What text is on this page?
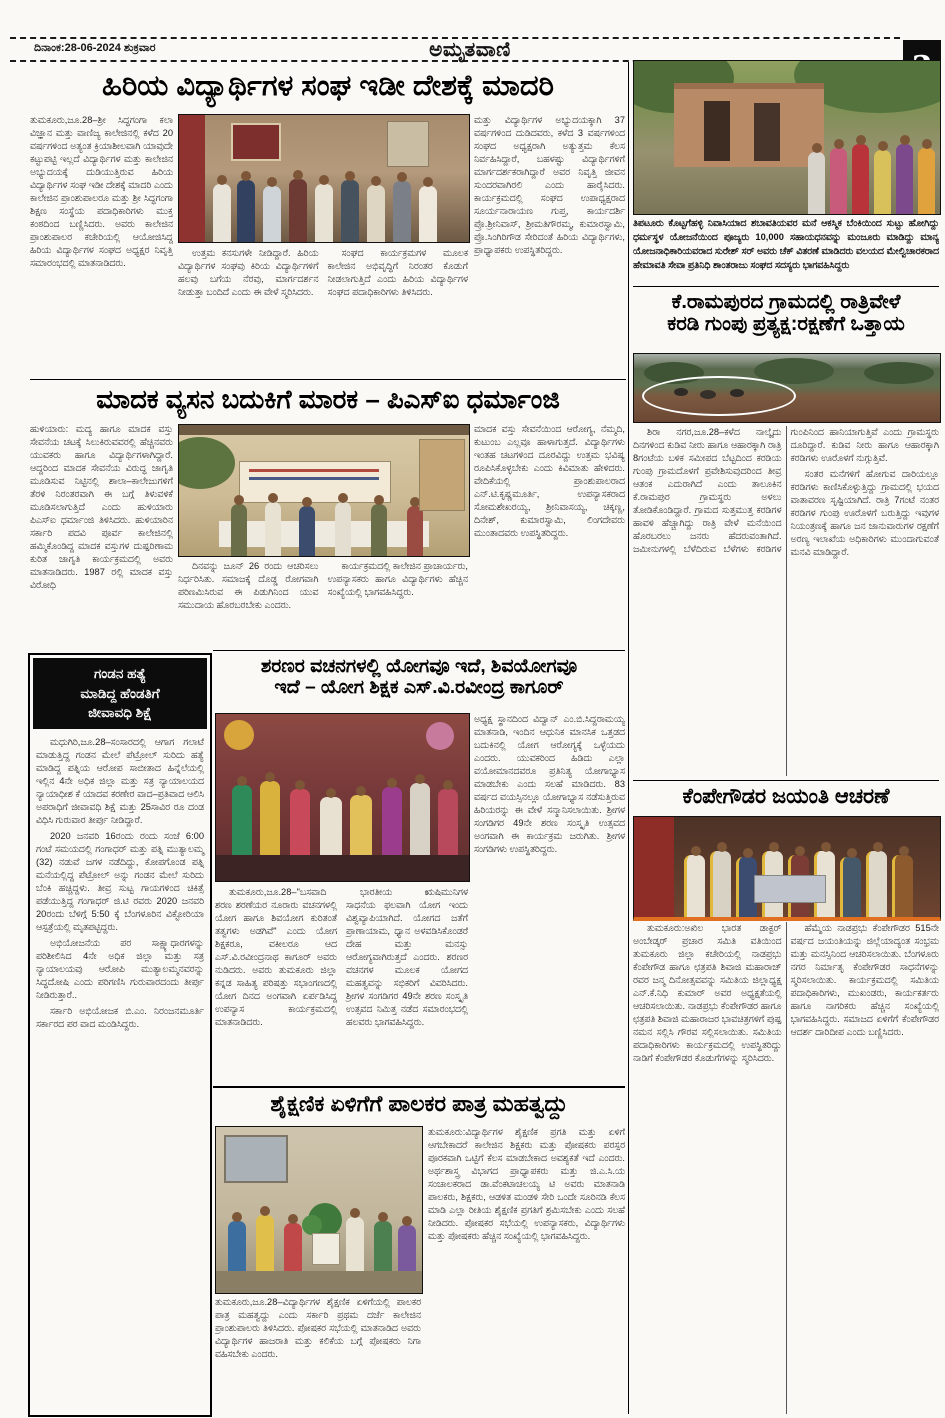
ದಿನಾಂಕ:28-06-2024 ಶುಕ್ರವಾರ	ಅಮೃತವಾಣಿ
ಹಿರಿಯ ವಿದ್ಯಾರ್ಥಿಗಳ ಸಂಘ ಇಡೀ ದೇಶಕ್ಕೆ ಮಾದರಿ
ತುಮಕೂರು,ಜೂ.28–ಶ್ರೀ ಸಿದ್ಧಗಂಗಾ ಕಲಾ ವಿಜ್ಞಾನ ಮತ್ತು ವಾಣಿಜ್ಯ ಕಾಲೇಜಿನಲ್ಲಿ ಕಳೆದ 20 ವರ್ಷಗಳಿಂದ ಅತ್ಯಂತ ಕ್ರಿಯಾಶೀಲವಾಗಿ ಯಾವುದೇ ಕಟ್ಟುಪಟ್ಟಿ ಇಲ್ಲದೆ ವಿದ್ಯಾರ್ಥಿಗಳ ಮತ್ತು ಕಾಲೇಜಿನ ಅಭ್ಯುದಯಕ್ಕೆ ದುಡಿಯುತ್ತಿರುವ ಹಿರಿಯ ವಿದ್ಯಾರ್ಥಿಗಳ ಸಂಘ ಇಡೀ ದೇಶಕ್ಕೆ ಮಾದರಿ ಎಂದು ಕಾಲೇಜಿನ ಪ್ರಾಂಶುಪಾಲರೂ ಮತ್ತು ಶ್ರೀ ಸಿದ್ಧಗಂಗಾ ಶಿಕ್ಷಣ ಸಂಸ್ಥೆಯ ಪದಾಧಿಕಾರಿಗಳು ಮುಕ್ತ ಕಂಠದಿಂದ ಬಣ್ಣಿಸಿದರು. ಅವರು ಕಾಲೇಜಿನ ಪ್ರಾಂಶುಪಾಲರ ಕಚೇರಿಯಲ್ಲಿ ಆಯೋಜಿಸಿದ್ದ ಹಿರಿಯ ವಿದ್ಯಾರ್ಥಿಗಳ ಸಂಘದ ಅಧ್ಯಕ್ಷರ ನಿವೃತ್ತಿ ಸಮಾರಂಭದಲ್ಲಿ ಮಾತನಾಡಿದರು.

ಉತ್ತಮ ಕನಸುಗಳೇ ನೀಡಿದ್ದಾರೆ. ಹಿರಿಯ ವಿದ್ಯಾರ್ಥಿಗಳ ಸಂಘವು ಕಿರಿಯ ವಿದ್ಯಾರ್ಥಿಗಳಿಗೆ ಹಲವು ಬಗೆಯ ನೆರವು, ಮಾರ್ಗದರ್ಶನ ನೀಡುತ್ತಾ ಬಂದಿದೆ ಎಂದು ಈ ವೇಳೆ ಸ್ಮರಿಸಿದರು.

ಸಂಘದ ಕಾರ್ಯಕ್ರಮಗಳ ಮೂಲಕ ಕಾಲೇಜಿನ ಅಭಿವೃದ್ಧಿಗೆ ನಿರಂತರ ಕೊಡುಗೆ ನೀಡಲಾಗುತ್ತಿದೆ ಎಂದು ಹಿರಿಯ ವಿದ್ಯಾರ್ಥಿಗಳ ಸಂಘದ ಪದಾಧಿಕಾರಿಗಳು ತಿಳಿಸಿದರು.

ಮತ್ತು ವಿದ್ಯಾರ್ಥಿಗಳ ಅಭ್ಯುದಯಕ್ಕಾಗಿ 37 ವರ್ಷಗಳಿಂದ ದುಡಿದವರು, ಕಳೆದ 3 ವರ್ಷಗಳಿಂದ ಸಂಘದ ಅಧ್ಯಕ್ಷರಾಗಿ ಅತ್ಯುತ್ತಮ ಕೆಲಸ ನಿರ್ವಹಿಸಿದ್ದಾರೆ, ಬಹಳಷ್ಟು ವಿದ್ಯಾರ್ಥಿಗಳಿಗೆ ಮಾರ್ಗದರ್ಶಕರಾಗಿದ್ದಾರೆ ಅವರ ನಿವೃತ್ತಿ ಜೀವನ ಸುಂದರವಾಗಿರಲಿ ಎಂದು ಹಾರೈಸಿದರು. ಕಾರ್ಯಕ್ರಮದಲ್ಲಿ ಸಂಘದ ಉಪಾಧ್ಯಕ್ಷರಾದ ಸೂರ್ಯನಾರಾಯಣ ಗುಪ್ತ, ಕಾರ್ಯದರ್ಶಿ ಪ್ರೊ.ಶ್ರೀನಿವಾಸ್, ಶ್ರೀಮತಿಗೌರಮ್ಮ, ಕುಮಾರಸ್ವಾಮಿ, ಪ್ರೊ.ಸಿಂಗಿರಿಗೌಡ ಸೇರಿದಂತೆ ಹಿರಿಯ ವಿದ್ಯಾರ್ಥಿಗಳು, ಪ್ರಾಧ್ಯಾಪಕರು ಉಪಸ್ಥಿತರಿದ್ದರು.
ತಿಪಟೂರು ಕೊಟ್ಟಗೆಹಳ್ಳಿ ನಿವಾಸಿಯಾದ ಶಬಾವತಿಯವರ ಮನೆ ಆಕಸ್ಮಿಕ ಬೆಂಕಿಯಿಂದ ಸುಟ್ಟು ಹೋಗಿದ್ದು ಧರ್ಮಸ್ಥಳ ಯೋಜನೆಯಿಂದ ಪೂಜ್ಯರು 10,000 ಸಹಾಯಧನವನ್ನು ಮಂಜೂರು ಮಾಡಿದ್ದು ಮಾನ್ಯ ಯೋಜನಾಧಿಕಾರಿಯವರಾದ ಸುರೇಶ್ ಸರ್ ಅವರು ಚೆಕ್ ವಿತರಣೆ ಮಾಡಿದರು ವಲಯದ ಮೇಲ್ವಿಚಾರಕರಾದ ಹೇಮಾವತಿ ಸೇವಾ ಪ್ರತಿನಿಧಿ ಶಾಂತರಾಜು ಸಂಘದ ಸದಸ್ಯರು ಭಾಗವಹಿಸಿದ್ದರು
ಕೆ.ರಾಮಪುರದ ಗ್ರಾಮದಲ್ಲಿ ರಾತ್ರಿವೇಳೆ
ಕರಡಿ ಗುಂಪು ಪ್ರತ್ಯಕ್ಷ:ರಕ್ಷಣೆಗೆ ಒತ್ತಾಯ

ಶಿರಾ ನಗರ,ಜೂ.28–ಕಳೆದ ನಾಲ್ಕೈದು ದಿನಗಳಿಂದ ಕುಡಿವ ನೀರು ಹಾಗೂ ಆಹಾರಕ್ಕಾಗಿ ರಾತ್ರಿ 8ಗಂಟೆಯ ಬಳಿಕ ಸಮೀಪದ ಬೆಟ್ಟದಿಂದ ಕರಡಿಯ ಗುಂಪು ಗ್ರಾಮದೊಳಗೆ ಪ್ರವೇಶಿಸುವುದರಿಂದ ತೀವ್ರ ಆತಂಕ ಎದುರಾಗಿದೆ ಎಂದು ತಾಲೂಕಿನ ಕೆ.ರಾಮಪುರ ಗ್ರಾಮಸ್ಥರು ಅಳಲು ತೋಡಿಕೊಂಡಿದ್ದಾರೆ. ಗ್ರಾಮದ ಸುತ್ತಮುತ್ತ ಕರಡಿಗಳ ಹಾವಳಿ ಹೆಚ್ಚಾಗಿದ್ದು ರಾತ್ರಿ ವೇಳೆ ಮನೆಯಿಂದ ಹೊರಬರಲು ಜನರು ಹೆದರುವಂತಾಗಿದೆ. ಜಮೀನುಗಳಲ್ಲಿ ಬೆಳೆದಿರುವ ಬೆಳೆಗಳು ಕರಡಿಗಳ ಗುಂಪಿನಿಂದ ಹಾನಿಯಾಗುತ್ತಿವೆ ಎಂದು ಗ್ರಾಮಸ್ಥರು ದೂರಿದ್ದಾರೆ. ಕುಡಿವ ನೀರು ಹಾಗೂ ಆಹಾರಕ್ಕಾಗಿ ಕರಡಿಗಳು ಊರೊಳಗೆ ನುಗ್ಗುತ್ತಿವೆ.

ಸಂತರ ಮನೆಗಳಿಗೆ ಹೋಗುವ ದಾರಿಯಲ್ಲೂ ಕರಡಿಗಳು ಕಾಣಿಸಿಕೊಳ್ಳುತ್ತಿದ್ದು ಗ್ರಾಮದಲ್ಲಿ ಭಯದ ವಾತಾವರಣ ಸೃಷ್ಟಿಯಾಗಿದೆ. ರಾತ್ರಿ 7ಗಂಟೆ ನಂತರ ಕರಡಿಗಳ ಗುಂಪು ಊರೊಳಗೆ ಬರುತ್ತಿದ್ದು ಇವುಗಳ ನಿಯಂತ್ರಣಕ್ಕೆ ಹಾಗೂ ಜನ ಜಾನುವಾರುಗಳ ರಕ್ಷಣೆಗೆ ಅರಣ್ಯ ಇಲಾಖೆಯ ಅಧಿಕಾರಿಗಳು ಮುಂದಾಗುವಂತೆ ಮನವಿ ಮಾಡಿದ್ದಾರೆ.

ಮಾದಕ ವ್ಯಸನ ಬದುಕಿಗೆ ಮಾರಕ – ಪಿಎಸ್‌ಐ ಧರ್ಮಾಂಜಿ
ಹುಳಿಯಾರು: ಮದ್ಯ ಹಾಗೂ ಮಾದಕ ವಸ್ತು ಸೇವನೆಯ ಚಟಕ್ಕೆ ಸಿಲುಕಿರುವವರಲ್ಲಿ ಹೆಚ್ಚಿನವರು ಯುವಕರು ಹಾಗೂ ವಿದ್ಯಾರ್ಥಿಗಳಾಗಿದ್ದಾರೆ. ಆದ್ದರಿಂದ ಮಾದಕ ಸೇವನೆಯ ವಿರುದ್ಧ ಜಾಗೃತಿ ಮೂಡಿಸುವ ನಿಟ್ಟಿನಲ್ಲಿ ಶಾಲಾ–ಕಾಲೇಜುಗಳಿಗೆ ತೆರಳಿ ನಿರಂತರವಾಗಿ ಈ ಬಗ್ಗೆ ತಿಳುವಳಿಕೆ ಮೂಡಿಸಲಾಗುತ್ತಿದೆ ಎಂದು ಹುಳಿಯಾರು ಪಿಎಸ್‌ಐ ಧರ್ಮಾಂಜಿ ತಿಳಿಸಿದರು. ಹುಳಿಯಾರಿನ ಸರ್ಕಾರಿ ಪದವಿ ಪೂರ್ವ ಕಾಲೇಜಿನಲ್ಲಿ ಹಮ್ಮಿಕೊಂಡಿದ್ದ ಮಾದಕ ವಸ್ತುಗಳ ದುಷ್ಪರಿಣಾಮ ಕುರಿತ ಜಾಗೃತಿ ಕಾರ್ಯಕ್ರಮದಲ್ಲಿ ಅವರು ಮಾತನಾಡಿದರು. 1987 ರಲ್ಲಿ ಮಾದಕ ವಸ್ತು ವಿರೋಧಿ

ದಿನವನ್ನು ಜೂನ್ 26 ರಂದು ಆಚರಿಸಲು ನಿರ್ಧರಿಸಿತು. ಸಮಾಜಕ್ಕೆ ದೊಡ್ಡ ರೋಗವಾಗಿ ಪರಿಣಮಿಸಿರುವ ಈ ಪಿಡುಗಿನಿಂದ ಯುವ ಸಮುದಾಯ ಹೊರಬರಬೇಕು ಎಂದರು.

ಕಾರ್ಯಕ್ರಮದಲ್ಲಿ ಕಾಲೇಜಿನ ಪ್ರಾಚಾರ್ಯರು, ಉಪನ್ಯಾಸಕರು ಹಾಗೂ ವಿದ್ಯಾರ್ಥಿಗಳು ಹೆಚ್ಚಿನ ಸಂಖ್ಯೆಯಲ್ಲಿ ಭಾಗವಹಿಸಿದ್ದರು.

ಮಾದಕ ವಸ್ತು ಸೇವನೆಯಿಂದ ಆರೋಗ್ಯ, ನೆಮ್ಮದಿ, ಕುಟುಂಬ ಎಲ್ಲವೂ ಹಾಳಾಗುತ್ತದೆ. ವಿದ್ಯಾರ್ಥಿಗಳು ಇಂತಹ ಚಟಗಳಿಂದ ದೂರವಿದ್ದು ಉತ್ತಮ ಭವಿಷ್ಯ ರೂಪಿಸಿಕೊಳ್ಳಬೇಕು ಎಂದು ಕಿವಿಮಾತು ಹೇಳಿದರು. ವೇದಿಕೆಯಲ್ಲಿ ಪ್ರಾಂಶುಪಾಲರಾದ ಎನ್.ಟಿ.ಕೃಷ್ಣಮೂರ್ತಿ, ಉಪನ್ಯಾಸಕರಾದ ಸೋಮಶೇಖರಯ್ಯ, ಶ್ರೀನಿವಾಸಯ್ಯ, ಚಿಕ್ಕಣ್ಣ, ದಿನೇಶ್, ಕುಮಾರಸ್ವಾಮಿ, ಲಿಂಗದೇವರು ಮುಂತಾದವರು ಉಪಸ್ಥಿತರಿದ್ದರು.
ಗಂಡನ ಹತ್ಯೆ
ಮಾಡಿದ್ದ ಹೆಂಡತಿಗೆ
ಜೀವಾವಧಿ ಶಿಕ್ಷೆ

ಮಧುಗಿರಿ,ಜೂ.28–ಸಂಸಾರದಲ್ಲಿ ಆಗಾಗ ಗಲಾಟೆ ಮಾಡುತ್ತಿದ್ದ ಗಂಡನ ಮೇಲೆ ಪೆಟ್ರೋಲ್ ಸುರಿದು ಹತ್ಯೆ ಮಾಡಿದ್ದ ಪತ್ನಿಯ ಆರೋಪ ಸಾಬೀತಾದ ಹಿನ್ನೆಲೆಯಲ್ಲಿ ಇಲ್ಲಿನ 4ನೇ ಅಧಿಕ ಜಿಲ್ಲಾ ಮತ್ತು ಸತ್ರ ನ್ಯಾಯಾಲಯದ ನ್ಯಾಯಾಧೀಶ ಕೆ ಯಾದವ ಕರಣೇರ ವಾದ–ಪ್ರತಿವಾದ ಆಲಿಸಿ ಅಪರಾಧಿಗೆ ಜೀವಾವಧಿ ಶಿಕ್ಷೆ ಮತ್ತು 25ಸಾವಿರ ರೂ ದಂಡ ವಿಧಿಸಿ ಗುರುವಾರ ತೀರ್ಪು ನೀಡಿದ್ದಾರೆ.

2020 ಜನವರಿ 16ರಂದು ರಂದು ಸಂಜೆ 6:00 ಗಂಟೆ ಸಮಯದಲ್ಲಿ ಗಂಗಾಧರ್ ಮತ್ತು ಪತ್ನಿ ಮುತ್ಯಾಲಮ್ಮ (32) ನಡುವೆ ಜಗಳ ನಡೆದಿದ್ದು, ಕೋಪಗೊಂಡ ಪತ್ನಿ ಮನೆಯಲ್ಲಿದ್ದ ಪೆಟ್ರೋಲ್ ಅನ್ನು ಗಂಡನ ಮೇಲೆ ಸುರಿದು ಬೆಂಕಿ ಹಚ್ಚಿದ್ದಳು. ತೀವ್ರ ಸುಟ್ಟ ಗಾಯಗಳಿಂದ ಚಿಕಿತ್ಸೆ ಪಡೆಯುತ್ತಿದ್ದ ಗಂಗಾಧರ್ ಜಿ.ಟಿ ರವರು 2020 ಜನವರಿ 20ರಂದು ಬೆಳಿಗ್ಗೆ 5:50 ಕ್ಕೆ ಬೆಂಗಳೂರಿನ ವಿಕ್ಟೋರಿಯಾ ಆಸ್ಪತ್ರೆಯಲ್ಲಿ ಮೃತಪಟ್ಟಿದ್ದರು.

ಅಭಿಯೋಜನೆಯ ಪರ ಸಾಕ್ಷ್ಯಾಧಾರಗಳನ್ನು ಪರಿಶೀಲಿಸಿದ 4ನೇ ಅಧಿಕ ಜಿಲ್ಲಾ ಮತ್ತು ಸತ್ರ ನ್ಯಾಯಾಲಯವು ಆರೋಪಿ ಮುತ್ಯಾಲಮ್ಮನವರನ್ನು ಸಿದ್ಧದೋಷಿ ಎಂದು ಪರಿಗಣಿಸಿ ಗುರುವಾರದಂದು ತೀರ್ಪು ನೀಡಿರುತ್ತಾರೆ..

ಸರ್ಕಾರಿ ಅಭಿಯೋಜಕ ಬಿ.ಎಂ. ನಿರಂಜನಮೂರ್ತಿ ಸರ್ಕಾರದ ಪರ ವಾದ ಮಂಡಿಸಿದ್ದರು.

ಶರಣರ ವಚನಗಳಲ್ಲಿ ಯೋಗವೂ ಇದೆ, ಶಿವಯೋಗವೂ
ಇದೆ – ಯೋಗ ಶಿಕ್ಷಕ ಎಸ್.ವಿ.ರವೀಂದ್ರ ಕಾಗೂರ್
ಅಧ್ಯಕ್ಷ ಸ್ಥಾನದಿಂದ ವಿದ್ವಾನ್ ಎಂ.ಬಿ.ಸಿದ್ದರಾಮಯ್ಯ ಮಾತನಾಡಿ, ಇಂದಿನ ಆಧುನಿಕ ಮಾನಸಿಕ ಒತ್ತಡದ ಬದುಕಿನಲ್ಲಿ ಯೋಗ ಆರೋಗ್ಯಕ್ಕೆ ಒಳ್ಳೆಯದು ಎಂದರು. ಯುವಕರಿಂದ ಹಿಡಿದು ಎಲ್ಲಾ ವಯೋಮಾನದವರೂ ಪ್ರತಿನಿತ್ಯ ಯೋಗಾಭ್ಯಾಸ ಮಾಡಬೇಕು ಎಂದು ಸಲಹೆ ಮಾಡಿದರು. 83 ವರ್ಷದ ವಯಸ್ಸಿನಲ್ಲೂ ಯೋಗಾಭ್ಯಾಸ ನಡೆಸುತ್ತಿರುವ ಹಿರಿಯರನ್ನು ಈ ವೇಳೆ ಸನ್ಮಾನಿಸಲಾಯಿತು. ಶ್ರೀಗಳ ಸಂಗಡಿಗರ 49ನೇ ಶರಣ ಸಂಸ್ಕೃತಿ ಉತ್ಸವದ ಅಂಗವಾಗಿ ಈ ಕಾರ್ಯಕ್ರಮ ಜರುಗಿತು. ಶ್ರೀಗಳ ಸಂಗಡಿಗಳು ಉಪಸ್ಥಿತರಿದ್ದರು.

ತುಮಕೂರು,ಜೂ.28–"ಬಸವಾದಿ ಶರಣ ಶರಣೆಯರ ನೂರಾರು ವಚನಗಳಲ್ಲಿ ಯೋಗ ಹಾಗೂ ಶಿವಯೋಗ ಕುರಿತಂತೆ ತತ್ವಗಳು ಅಡಗಿವೆ" ಎಂದು ಯೋಗ ಶಿಕ್ಷಕರೂ, ವಕೀಲರೂ ಆದ ಎಸ್.ವಿ.ರವೀಂದ್ರನಾಥ ಕಾಗೂರ್ ಅವರು ನುಡಿದರು. ಅವರು ತುಮಕೂರು ಜಿಲ್ಲಾ ಕನ್ನಡ ಸಾಹಿತ್ಯ ಪರಿಷತ್ತು ಸಭಾಂಗಣದಲ್ಲಿ ಯೋಗ ದಿನದ ಅಂಗವಾಗಿ ಏರ್ಪಡಿಸಿದ್ದ ಉಪನ್ಯಾಸ ಕಾರ್ಯಕ್ರಮದಲ್ಲಿ ಮಾತನಾಡಿದರು.

ಭಾರತೀಯ ಋಷಿಮುನಿಗಳ ಸಾಧನೆಯ ಫಲವಾಗಿ ಯೋಗ ಇಂದು ವಿಶ್ವವ್ಯಾಪಿಯಾಗಿದೆ. ಯೋಗದ ಜತೆಗೆ ಪ್ರಾಣಾಯಾಮ, ಧ್ಯಾನ ಅಳವಡಿಸಿಕೊಂಡರೆ ದೇಹ ಮತ್ತು ಮನಸ್ಸು ಆರೋಗ್ಯವಾಗಿರುತ್ತದೆ ಎಂದರು. ಶರಣರ ವಚನಗಳ ಮೂಲಕ ಯೋಗದ ಮಹತ್ವವನ್ನು ಸಭಿಕರಿಗೆ ವಿವರಿಸಿದರು. ಶ್ರೀಗಳ ಸಂಗಡಿಗರ 49ನೇ ಶರಣ ಸಂಸ್ಕೃತಿ ಉತ್ಸವದ ನಿಮಿತ್ತ ನಡೆದ ಸಮಾರಂಭದಲ್ಲಿ ಹಲವರು ಭಾಗವಹಿಸಿದ್ದರು.

ಕೆಂಪೇಗೌಡರ ಜಯಂತಿ ಆಚರಣೆ

ತುಮಕೂರು:ಅಖಿಲ ಭಾರತ ಡಾಕ್ಟರ್ ಅಂಬೇಡ್ಕರ್ ಪ್ರಚಾರ ಸಮಿತಿ ವತಿಯಿಂದ ತುಮಕೂರು ಜಿಲ್ಲಾ ಕಚೇರಿಯಲ್ಲಿ ನಾಡಪ್ರಭು ಕೆಂಪೇಗೌಡ ಹಾಗೂ ಛತ್ರಪತಿ ಶಿವಾಜಿ ಮಹಾರಾಜ್ ರವರ ಜನ್ಮ ದಿನೋತ್ಸವವನ್ನು ಸಮಿತಿಯ ಜಿಲ್ಲಾಧ್ಯಕ್ಷ ಎನ್.ಕೆ.ನಿಧಿ ಕುಮಾರ್ ಅವರ ಅಧ್ಯಕ್ಷತೆಯಲ್ಲಿ ಆಚರಿಸಲಾಯಿತು. ನಾಡಪ್ರಭು ಕೆಂಪೇಗೌಡರ ಹಾಗೂ ಛತ್ರಪತಿ ಶಿವಾಜಿ ಮಹಾರಾಜರ ಭಾವಚಿತ್ರಗಳಿಗೆ ಪುಷ್ಪ ನಮನ ಸಲ್ಲಿಸಿ ಗೌರವ ಸಲ್ಲಿಸಲಾಯಿತು. ಸಮಿತಿಯ ಪದಾಧಿಕಾರಿಗಳು ಕಾರ್ಯಕ್ರಮದಲ್ಲಿ ಉಪಸ್ಥಿತರಿದ್ದು ನಾಡಿಗೆ ಕೆಂಪೇಗೌಡರ ಕೊಡುಗೆಗಳನ್ನು ಸ್ಮರಿಸಿದರು.

ಹೆಮ್ಮೆಯ ನಾಡಪ್ರಭು ಕೆಂಪೇಗೌಡರ 515ನೇ ವರ್ಷದ ಜಯಂತಿಯನ್ನು ಜಿಲ್ಲೆಯಾದ್ಯಂತ ಸಂಭ್ರಮ ಮತ್ತು ಮನಸ್ಸಿನಿಂದ ಆಚರಿಸಲಾಯಿತು. ಬೆಂಗಳೂರು ನಗರ ನಿರ್ಮಾತೃ ಕೆಂಪೇಗೌಡರ ಸಾಧನೆಗಳನ್ನು ಸ್ಮರಿಸಲಾಯಿತು. ಕಾರ್ಯಕ್ರಮದಲ್ಲಿ ಸಮಿತಿಯ ಪದಾಧಿಕಾರಿಗಳು, ಮುಖಂಡರು, ಕಾರ್ಯಕರ್ತರು ಹಾಗೂ ನಾಗರಿಕರು ಹೆಚ್ಚಿನ ಸಂಖ್ಯೆಯಲ್ಲಿ ಭಾಗವಹಿಸಿದ್ದರು. ಸಮಾಜದ ಏಳಿಗೆಗೆ ಕೆಂಪೇಗೌಡರ ಆದರ್ಶ ದಾರಿದೀಪ ಎಂದು ಬಣ್ಣಿಸಿದರು.

ಶೈಕ್ಷಣಿಕ ಏಳಿಗೆಗೆ ಪಾಲಕರ ಪಾತ್ರ ಮಹತ್ವದ್ದು
ತುಮಕೂರು:ವಿದ್ಯಾರ್ಥಿಗಳ ಶೈಕ್ಷಣಿಕ ಪ್ರಗತಿ ಮತ್ತು ಏಳಿಗೆ ಆಗಬೇಕಾದರೆ ಕಾಲೇಜಿನ ಶಿಕ್ಷಕರು ಮತ್ತು ಪೋಷಕರು ಪರಸ್ಪರ ಪೂರಕವಾಗಿ ಒಟ್ಟಿಗೆ ಕೆಲಸ ಮಾಡಬೇಕಾದ ಅವಶ್ಯಕತೆ ಇದೆ ಎಂದರು. ಅರ್ಥಶಾಸ್ತ್ರ ವಿಭಾಗದ ಪ್ರಾಧ್ಯಾಪಕರು ಮತ್ತು ಜಿ.ಎ.ಸಿ.ಯ ಸಂಚಾಲಕರಾದ ಡಾ.ವೆಂಕಟಾಚಲಯ್ಯ ಟಿ ಅವರು ಮಾತನಾಡಿ ಪಾಲಕರು, ಶಿಕ್ಷಕರು, ಆಡಳಿತ ಮಂಡಳಿ ಸೇರಿ ಒಂದೇ ಸೂರಿನಡಿ ಕೆಲಸ ಮಾಡಿ ಎಲ್ಲಾ ರೀತಿಯ ಶೈಕ್ಷಣಿಕ ಪ್ರಗತಿಗೆ ಶ್ರಮಿಸಬೇಕು ಎಂದು ಸಲಹೆ ನೀಡಿದರು. ಪೋಷಕರ ಸಭೆಯಲ್ಲಿ ಉಪನ್ಯಾಸಕರು, ವಿದ್ಯಾರ್ಥಿಗಳು ಮತ್ತು ಪೋಷಕರು ಹೆಚ್ಚಿನ ಸಂಖ್ಯೆಯಲ್ಲಿ ಭಾಗವಹಿಸಿದ್ದರು.
ತುಮಕೂರು,ಜೂ.28–ವಿದ್ಯಾರ್ಥಿಗಳ ಶೈಕ್ಷಣಿಕ ಏಳಿಗೆಯಲ್ಲಿ ಪಾಲಕರ ಪಾತ್ರ ಮಹತ್ವದ್ದು ಎಂದು ಸರ್ಕಾರಿ ಪ್ರಥಮ ದರ್ಜೆ ಕಾಲೇಜಿನ ಪ್ರಾಂಶುಪಾಲರು ತಿಳಿಸಿದರು. ಪೋಷಕರ ಸಭೆಯಲ್ಲಿ ಮಾತನಾಡಿದ ಅವರು ವಿದ್ಯಾರ್ಥಿಗಳ ಹಾಜರಾತಿ ಮತ್ತು ಕಲಿಕೆಯ ಬಗ್ಗೆ ಪೋಷಕರು ನಿಗಾ ವಹಿಸಬೇಕು ಎಂದರು.
